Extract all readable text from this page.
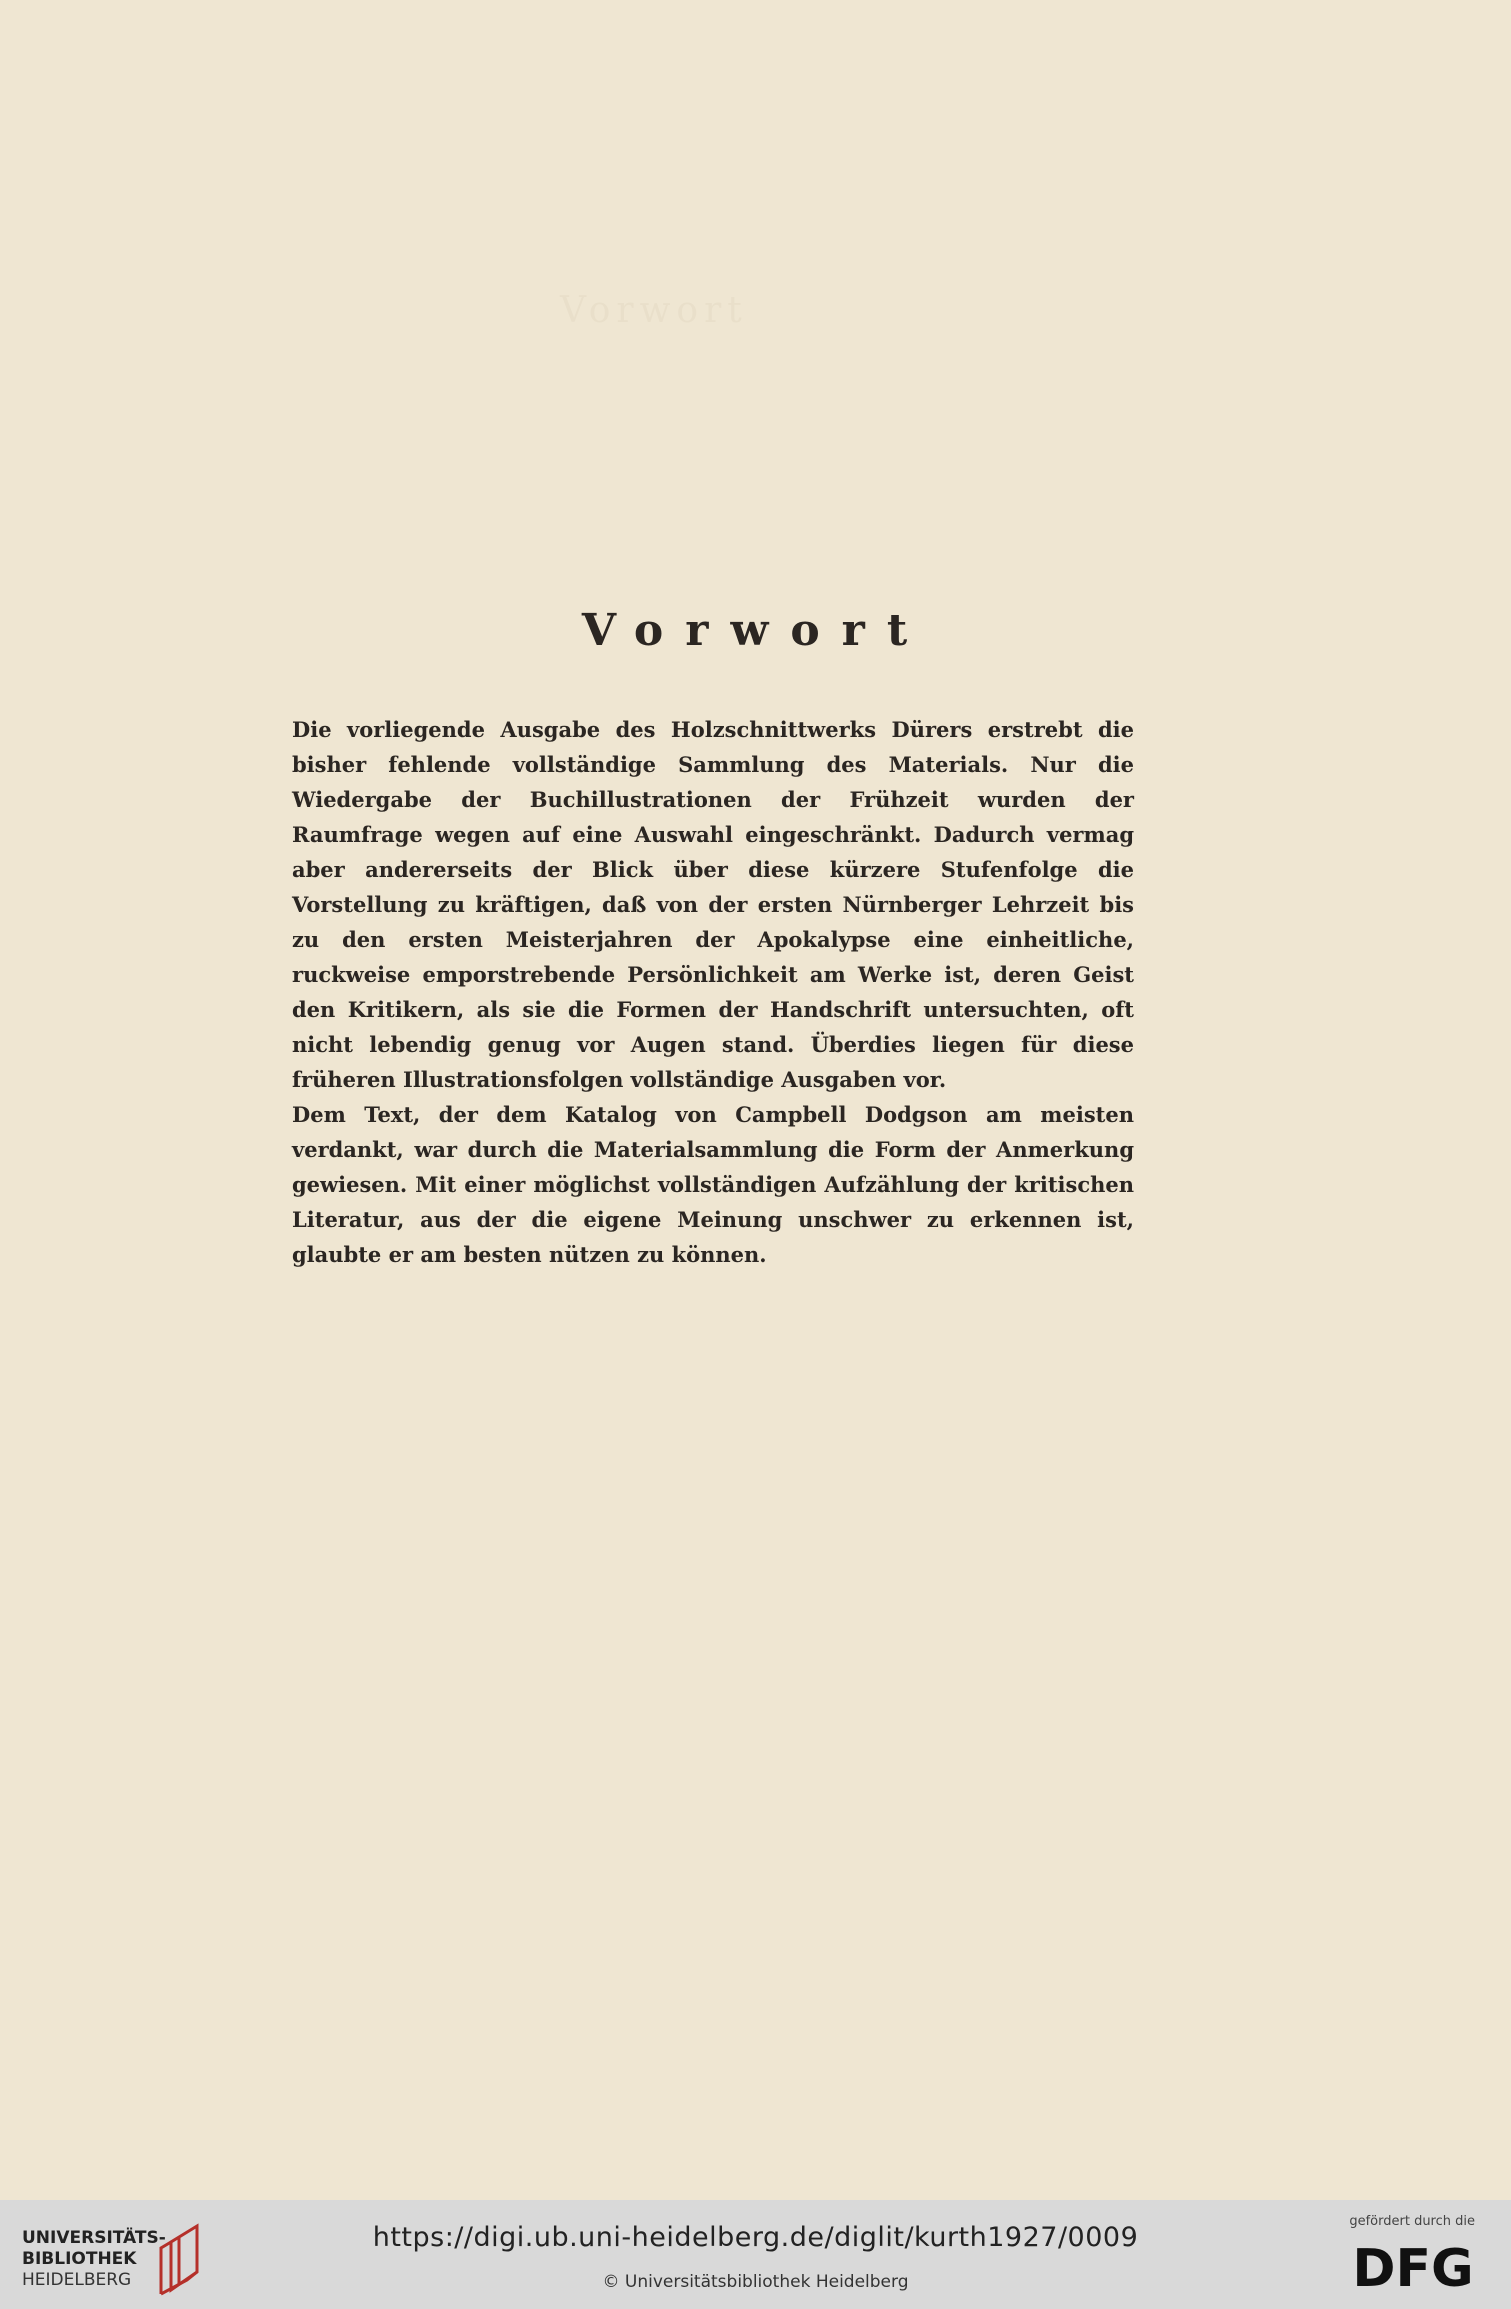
Vorwort
Vorwort

Die vorliegende Ausgabe des Holzschnittwerks Dürers erstrebt die bisher fehlende vollständige Sammlung des Materials. Nur die Wiedergabe der Buchillustrationen der Frühzeit wurden der Raumfrage wegen auf eine Auswahl eingeschränkt. Dadurch vermag aber andererseits der Blick über diese kürzere Stufenfolge die Vorstellung zu kräftigen, daß von der ersten Nürnberger Lehrzeit bis zu den ersten Meisterjahren der Apokalypse eine einheitliche, ruckweise emporstrebende Persönlichkeit am Werke ist, deren Geist den Kritikern, als sie die Formen der Handschrift untersuchten, oft nicht lebendig genug vor Augen stand. Überdies liegen für diese früheren Illustrationsfolgen vollständige Ausgaben vor.

Dem Text, der dem Katalog von Campbell Dodgson am meisten verdankt, war durch die Materialsammlung die Form der Anmerkung gewiesen. Mit einer möglichst vollständigen Aufzählung der kritischen Literatur, aus der die eigene Meinung unschwer zu erkennen ist, glaubte er am besten nützen zu können.

UNIVERSITÄTS-
BIBLIOTHEK
HEIDELBERG
https://digi.ub.uni-heidelberg.de/diglit/kurth1927/0009
© Universitätsbibliothek Heidelberg
gefördert durch die
DFG
